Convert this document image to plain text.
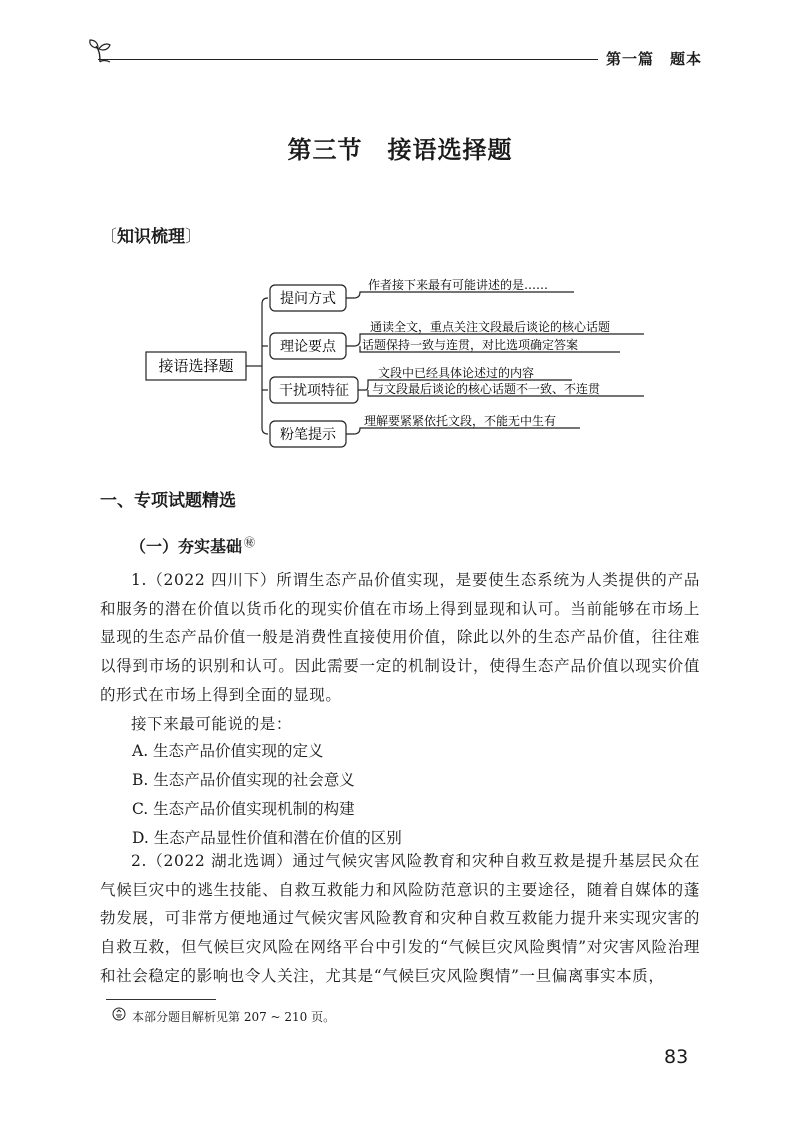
第一篇　题本
第三节　接语选择题
〔知识梳理〕
接语选择题
提问方式
理论要点
干扰项特征
粉笔提示
作者接下来最有可能讲述的是……
通读全文，重点关注文段最后谈论的核心话题
话题保持一致与连贯，对比选项确定答案
文段中已经具体论述过的内容
与文段最后谈论的核心话题不一致、不连贯
理解要紧紧依托文段，不能无中生有
一、专项试题精选
（一）夯实基础 ㊙

1.（2022 四川下）所谓生态产品价值实现，是要使生态系统为人类提供的产品和服务的潜在价值以货币化的现实价值在市场上得到显现和认可。当前能够在市场上显现的生态产品价值一般是消费性直接使用价值，除此以外的生态产品价值，往往难以得到市场的识别和认可。因此需要一定的机制设计，使得生态产品价值以现实价值的形式在市场上得到全面的显现。

接下来最可能说的是：

A. 生态产品价值实现的定义
B. 生态产品价值实现的社会意义
C. 生态产品价值实现机制的构建
D. 生态产品显性价值和潜在价值的区别

2.（2022 湖北选调）通过气候灾害风险教育和灾种自救互救是提升基层民众在气候巨灾中的逃生技能、自救互救能力和风险防范意识的主要途径，随着自媒体的蓬勃发展，可非常方便地通过气候灾害风险教育和灾种自救互救能力提升来实现灾害的自救互救，但气候巨灾风险在网络平台中引发的“气候巨灾风险舆情”对灾害风险治理和社会稳定的影响也令人关注，尤其是“气候巨灾风险舆情”一旦偏离事实本质，

本部分题目解析见第 207 ~ 210 页。
83
